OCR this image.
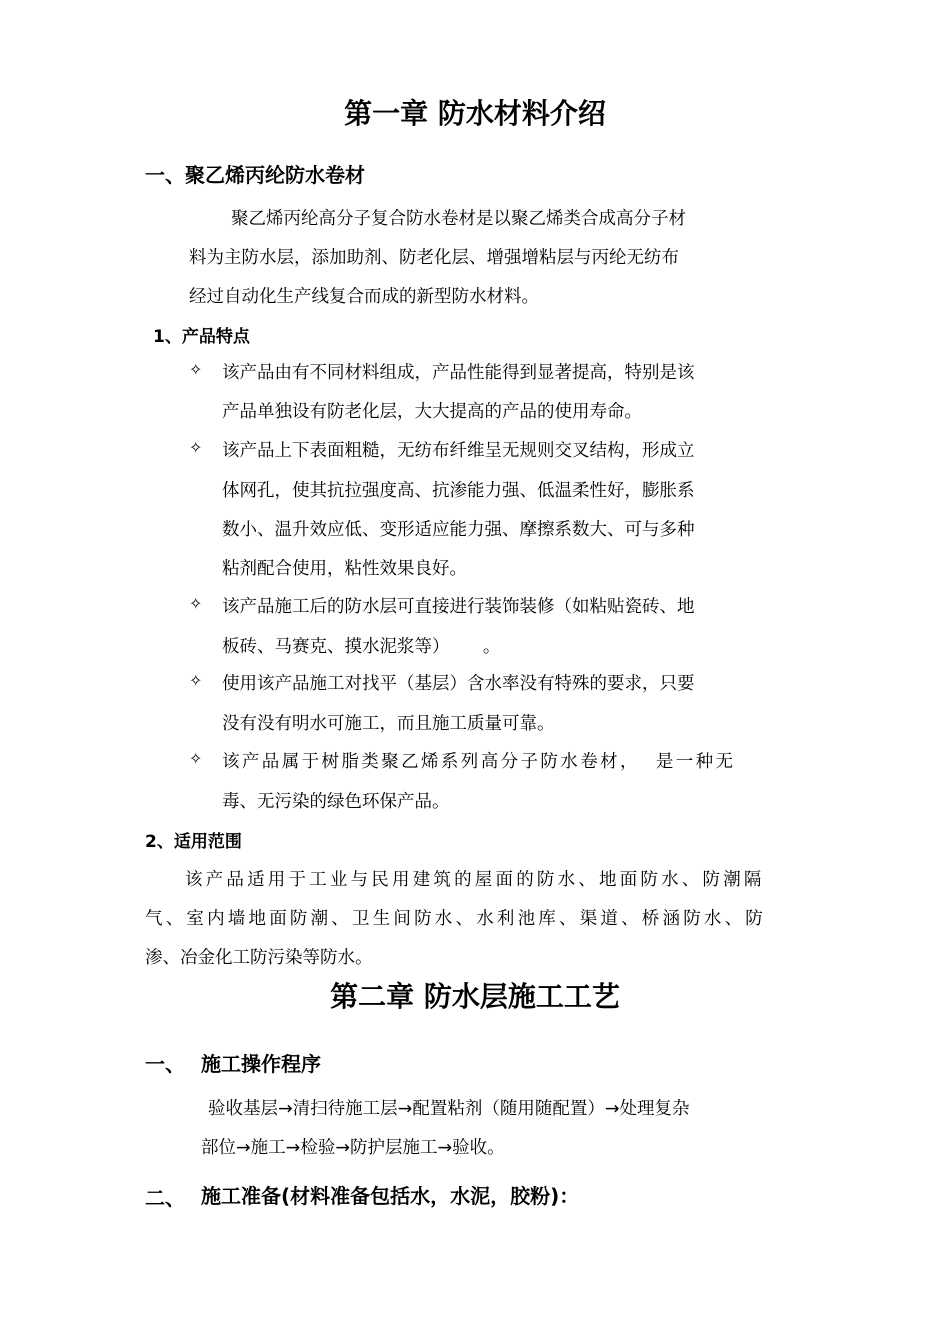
第一章 防水材料介绍
一、聚乙烯丙纶防水卷材
聚乙烯丙纶高分子复合防水卷材是以聚乙烯类合成高分子材
料为主防水层，添加助剂、防老化层、增强增粘层与丙纶无纺布
经过自动化生产线复合而成的新型防水材料。
1、产品特点
✧ 该产品由有不同材料组成，产品性能得到显著提高，特别是该
产品单独设有防老化层，大大提高的产品的使用寿命。
✧ 该产品上下表面粗糙，无纺布纤维呈无规则交叉结构，形成立
体网孔，使其抗拉强度高、抗渗能力强、低温柔性好，膨胀系
数小、温升效应低、变形适应能力强、摩擦系数大、可与多种
粘剂配合使用，粘性效果良好。
✧ 该产品施工后的防水层可直接进行装饰装修（如粘贴瓷砖、地
板砖、马赛克、摸水泥浆等）      。
✧ 使用该产品施工对找平（基层）含水率没有特殊的要求，只要
没有没有明水可施工，而且施工质量可靠。
✧ 该产品属于树脂类聚乙烯系列高分子防水卷材，  是一种无
毒、无污染的绿色环保产品。
2、适用范围
该产品适用于工业与民用建筑的屋面的防水、地面防水、防潮隔
气、室内墙地面防潮、卫生间防水、水利池库、渠道、桥涵防水、防
渗、冶金化工防污染等防水。
第二章 防水层施工工艺
一、 施工操作程序
验收基层→清扫待施工层→配置粘剂（随用随配置）→处理复杂
部位→施工→检验→防护层施工→验收。
二、 施工准备(材料准备包括水，水泥，胶粉)：
